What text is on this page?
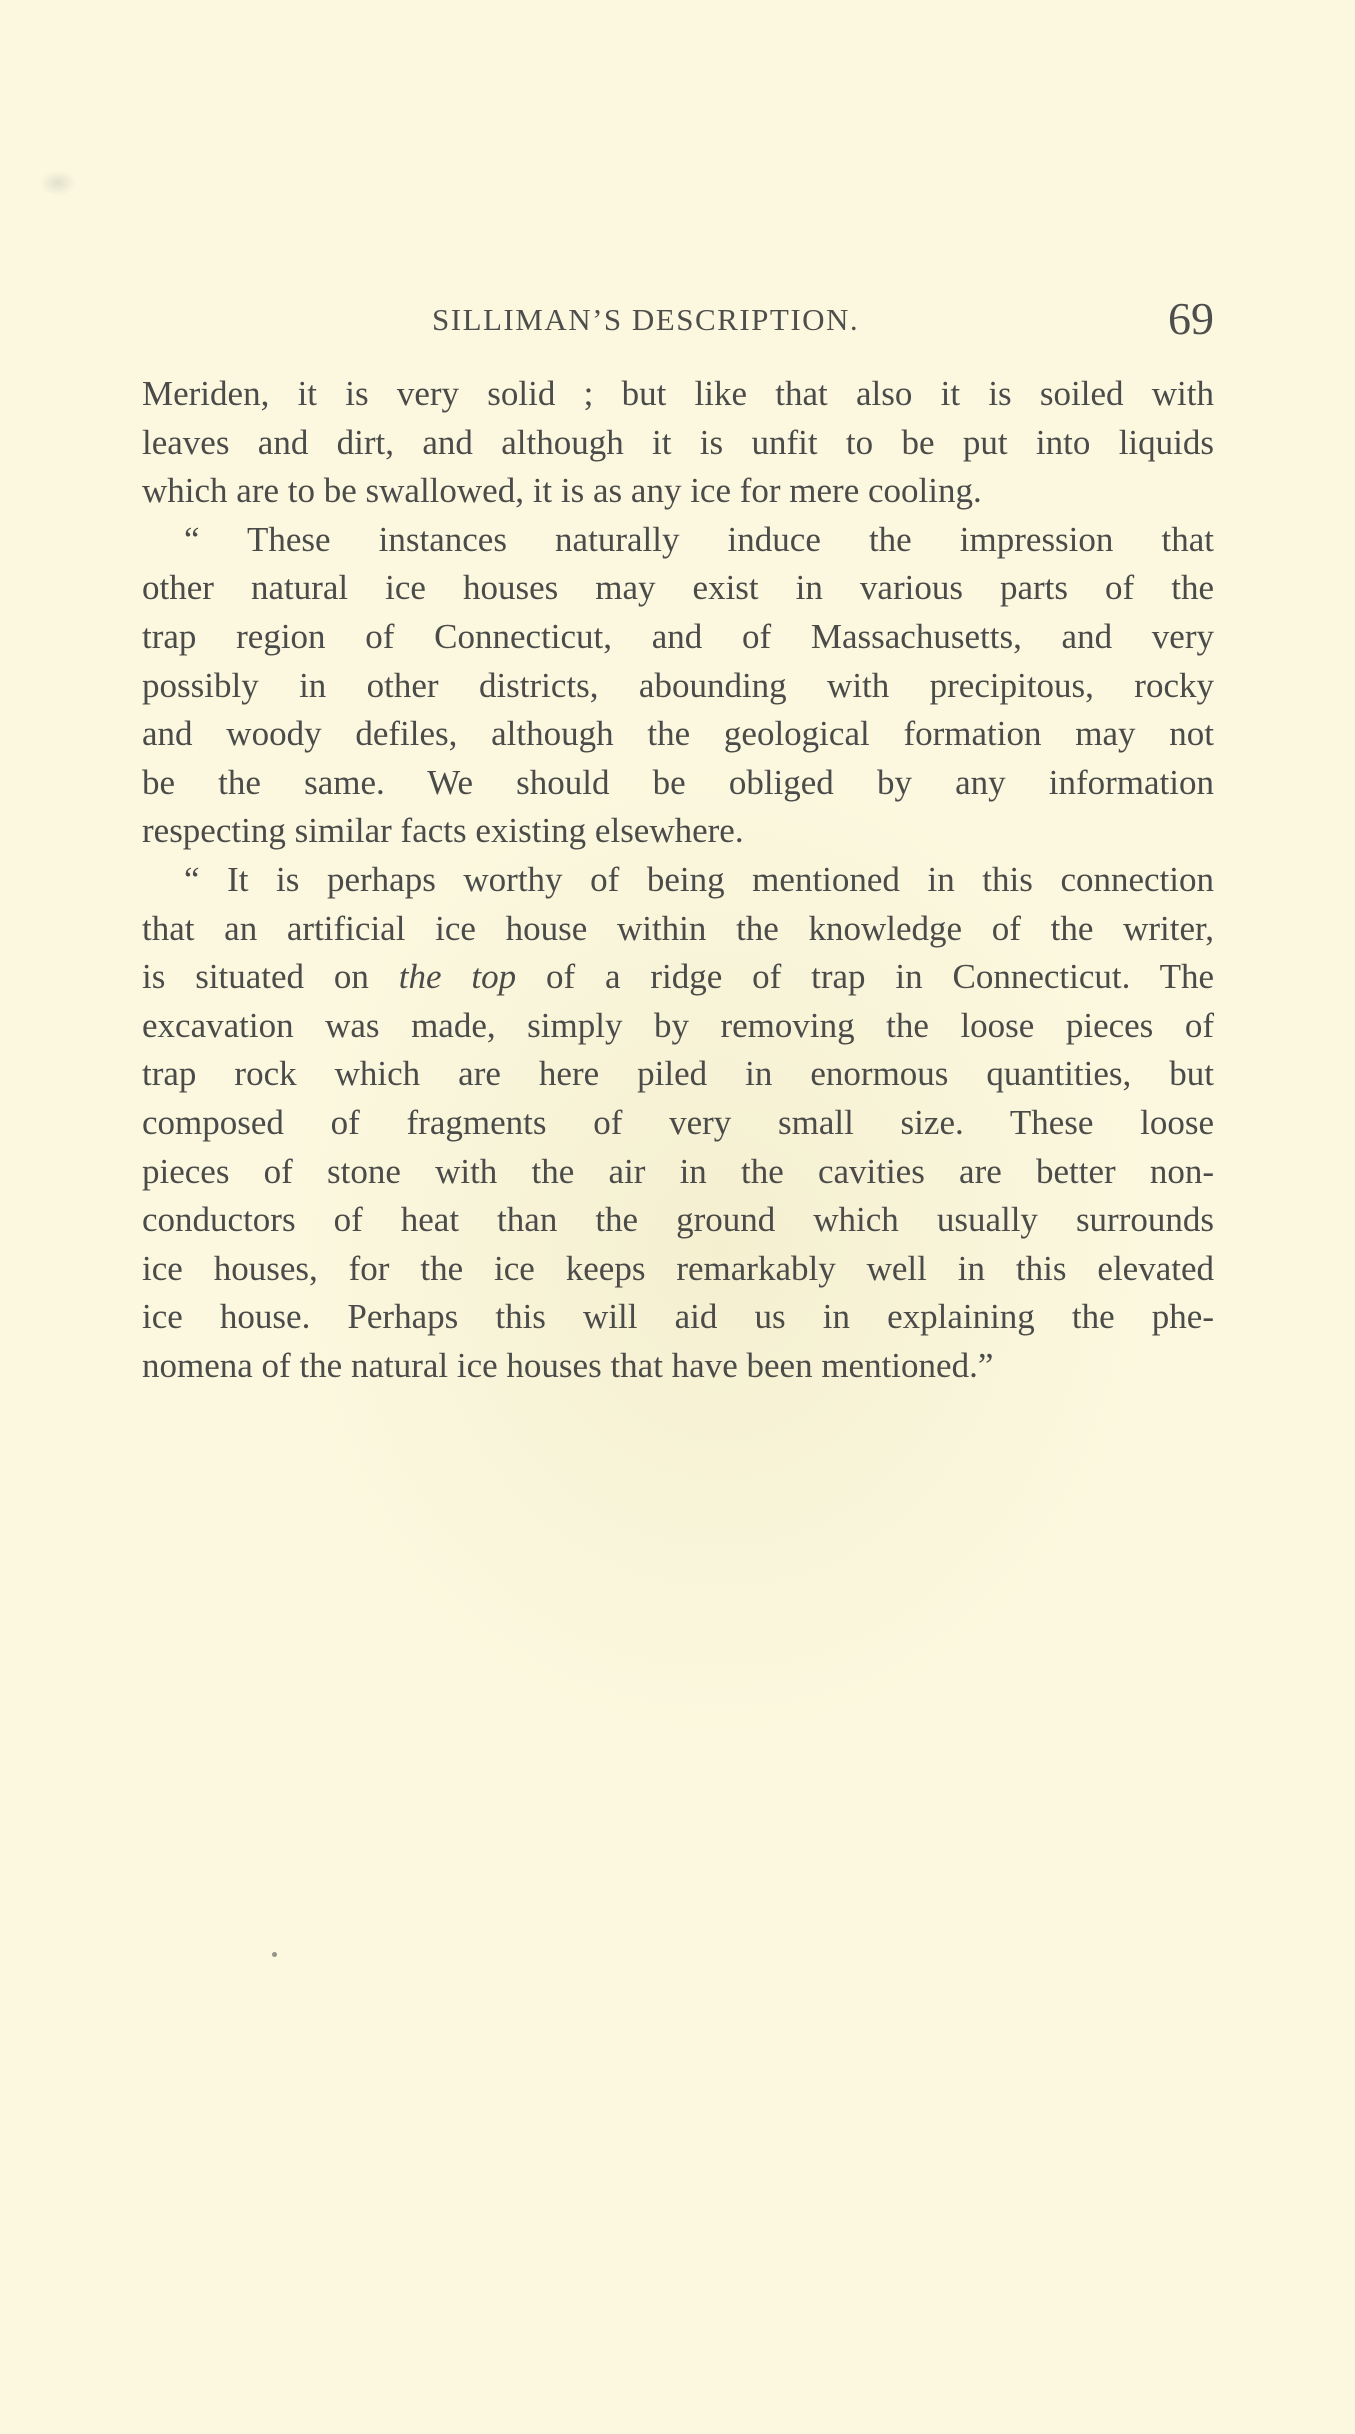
SILLIMAN’S DESCRIPTION.	69
Meriden, it is very solid ; but like that also it is soiled with
leaves and dirt, and although it is unfit to be put into liquids
which are to be swallowed, it is as any ice for mere cooling.
“ These instances naturally induce the impression that
other natural ice houses may exist in various parts of the
trap region of Connecticut, and of Massachusetts, and very
possibly in other districts, abounding with precipitous, rocky
and woody defiles, although the geological formation may not
be the same. We should be obliged by any information
respecting similar facts existing elsewhere.
“ It is perhaps worthy of being mentioned in this connection
that an artificial ice house within the knowledge of the writer,
is situated on the top of a ridge of trap in Connecticut. The
excavation was made, simply by removing the loose pieces of
trap rock which are here piled in enormous quantities, but
composed of fragments of very small size. These loose
pieces of stone with the air in the cavities are better non-
conductors of heat than the ground which usually surrounds
ice houses, for the ice keeps remarkably well in this elevated
ice house. Perhaps this will aid us in explaining the phe-
nomena of the natural ice houses that have been mentioned.”
